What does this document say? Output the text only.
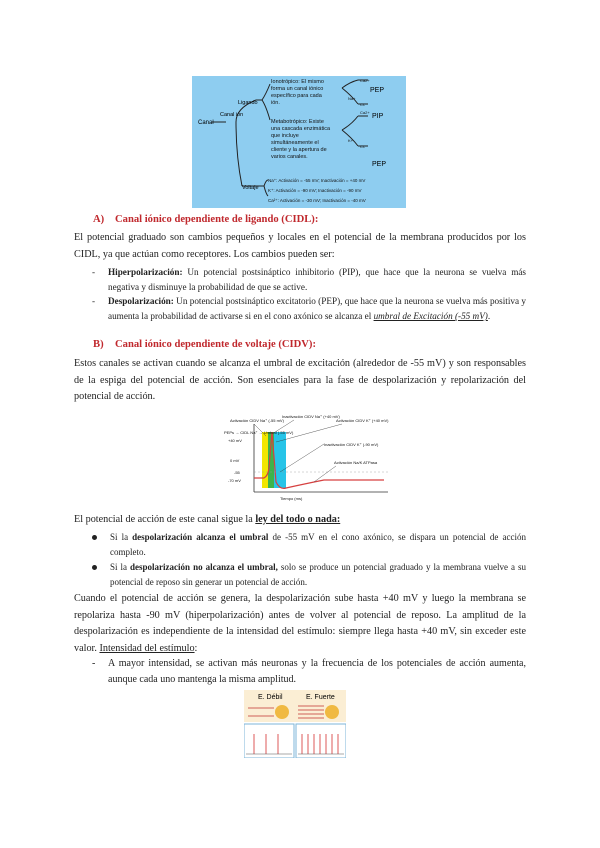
Canal
Canal ión
Ligando
Voltaje
Ionotrópico: El mismo
forma un canal iónico
específico para cada
ión.
Metabotrópico: Existe
una cascada enzimática
que incluye
simultáneamente el
cliente y la apertura de
varios canales.
PEP
PIP
PEP
Na+
Ca2+
Cl-
K+
Ca2+
Cl-
Na⁺: Activación = -55 mV; Inactivación = +40 mV
K⁺: Activación = -90 mV; Inactivación = -90 mV
Ca²⁺: Activación = -30 mV; Inactivación = -40 mV

A) Canal iónico dependiente de ligando (CIDL):

El potencial graduado son cambios pequeños y locales en el potencial de la membrana producidos por los CIDL, ya que actúan como receptores. Los cambios pueden ser:

- Hiperpolarización: Un potencial postsináptico inhibitorio (PIP), que hace que la neurona se vuelva más negativa y disminuye la probabilidad de que se active.
- Despolarización: Un potencial postsináptico excitatorio (PEP), que hace que la neurona se vuelva más positiva y aumenta la probabilidad de activarse si en el cono axónico se alcanza el umbral de Excitación (-55 mV).

B) Canal iónico dependiente de voltaje (CIDV):

Estos canales se activan cuando se alcanza el umbral de excitación (alrededor de -55 mV) y son responsables de la espiga del potencial de acción. Son esenciales para la fase de despolarización y repolarización del potencial de acción.

Activación CIDV Na⁺ (-55 mV)
Inactivación CIDV Na⁺ (+40 mV)
Activación CIDV K⁺ (+40 mV)
Inactivación CIDV K⁺ (-90 mV)
PEPs → CIDL Na⁺ → Umbral (-55 mV)
Activación Na/K ATPasa
+40 mV
0 mV
-55
-70 mV
Tiempo (ms)

El potencial de acción de este canal sigue la ley del todo o nada:

Si la despolarización alcanza el umbral de -55 mV en el cono axónico, se dispara un potencial de acción completo.
Si la despolarización no alcanza el umbral, solo se produce un potencial graduado y la membrana vuelve a su potencial de reposo sin generar un potencial de acción.

Cuando el potencial de acción se genera, la despolarización sube hasta +40 mV y luego la membrana se repolariza hasta -90 mV (hiperpolarización) antes de volver al potencial de reposo. La amplitud de la despolarización es independiente de la intensidad del estímulo: siempre llega hasta +40 mV, sin exceder este valor. Intensidad del estímulo:

- A mayor intensidad, se activan más neuronas y la frecuencia de los potenciales de acción aumenta, aunque cada uno mantenga la misma amplitud.
E. Débil	E. Fuerte
